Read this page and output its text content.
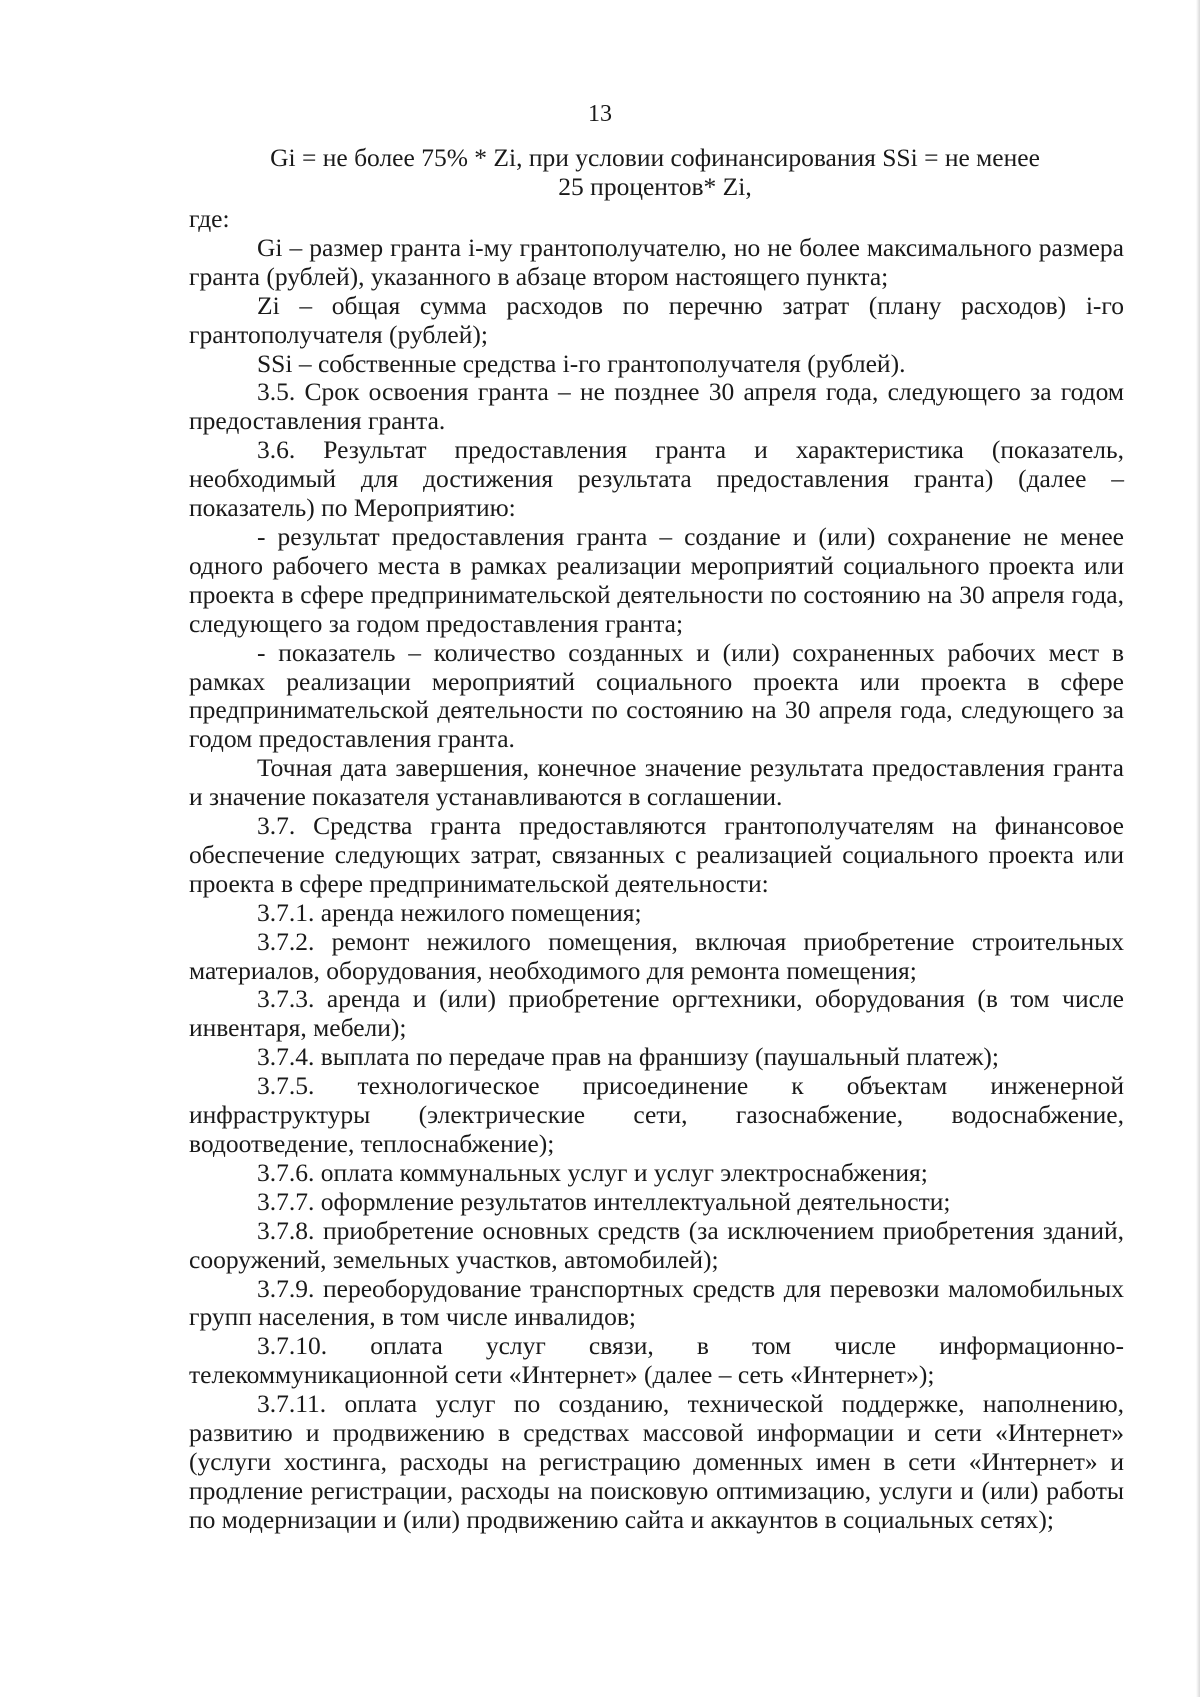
13
Gi = не более 75% * Zi, при условии софинансирования SSi = не менее
25 процентов* Zi,

где:

Gi – размер гранта i-му грантополучателю, но не более максимального размера гранта (рублей), указанного в абзаце втором настоящего пункта;

Zi – общая сумма расходов по перечню затрат (плану расходов) i-го грантополучателя (рублей);

SSi – собственные средства i-го грантополучателя (рублей).

3.5. Срок освоения гранта – не позднее 30 апреля года, следующего за годом предоставления гранта.

3.6. Результат предоставления гранта и характеристика (показатель, необходимый для достижения результата предоставления гранта) (далее – показатель) по Мероприятию:

- результат предоставления гранта – создание и (или) сохранение не менее одного рабочего места в рамках реализации мероприятий социального проекта или проекта в сфере предпринимательской деятельности по состоянию на 30 апреля года, следующего за годом предоставления гранта;

- показатель – количество созданных и (или) сохраненных рабочих мест в рамках реализации мероприятий социального проекта или проекта в сфере предпринимательской деятельности по состоянию на 30 апреля года, следующего за годом предоставления гранта.

Точная дата завершения, конечное значение результата предоставления гранта и значение показателя устанавливаются в соглашении.

3.7. Средства гранта предоставляются грантополучателям на финансовое обеспечение следующих затрат, связанных с реализацией социального проекта или проекта в сфере предпринимательской деятельности:

3.7.1. аренда нежилого помещения;

3.7.2. ремонт нежилого помещения, включая приобретение строительных материалов, оборудования, необходимого для ремонта помещения;

3.7.3. аренда и (или) приобретение оргтехники, оборудования (в том числе инвентаря, мебели);

3.7.4. выплата по передаче прав на франшизу (паушальный платеж);

3.7.5. технологическое присоединение к объектам инженерной инфраструктуры (электрические сети, газоснабжение, водоснабжение, водоотведение, теплоснабжение);

3.7.6. оплата коммунальных услуг и услуг электроснабжения;

3.7.7. оформление результатов интеллектуальной деятельности;

3.7.8. приобретение основных средств (за исключением приобретения зданий, сооружений, земельных участков, автомобилей);

3.7.9. переоборудование транспортных средств для перевозки маломобильных групп населения, в том числе инвалидов;

3.7.10. оплата услуг связи, в том числе информационно-телекоммуникационной сети «Интернет» (далее – сеть «Интернет»);

3.7.11. оплата услуг по созданию, технической поддержке, наполнению, развитию и продвижению в средствах массовой информации и сети «Интернет» (услуги хостинга, расходы на регистрацию доменных имен в сети «Интернет» и продление регистрации, расходы на поисковую оптимизацию, услуги и (или) работы по модернизации и (или) продвижению сайта и аккаунтов в социальных сетях);
